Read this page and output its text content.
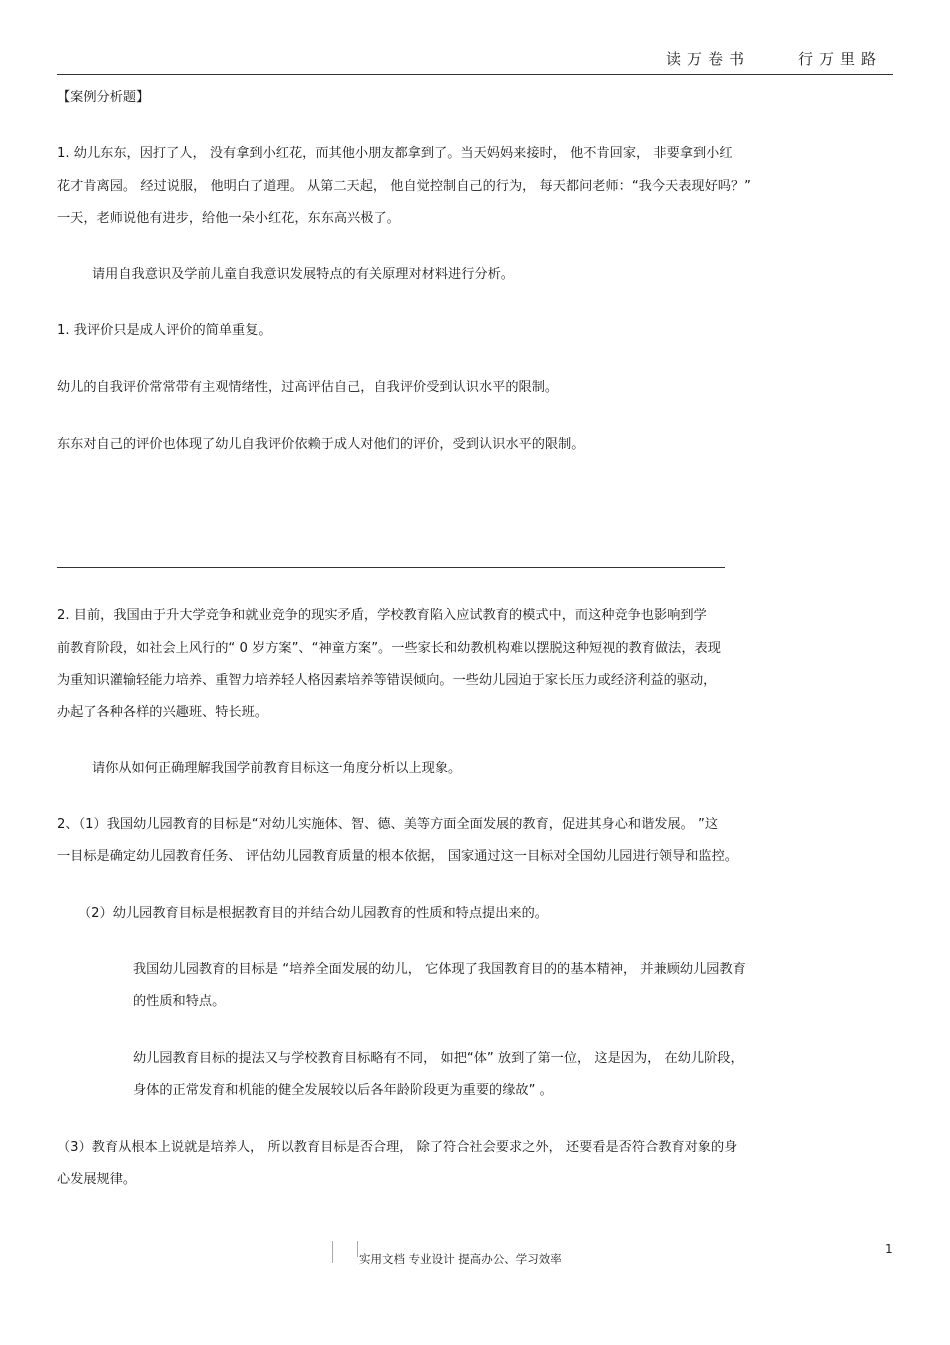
读万卷书	行万里路
【案例分析题】
1. 幼儿东东，因打了人， 没有拿到小红花，而其他小朋友都拿到了。当天妈妈来接时， 他不肯回家， 非要拿到小红
花才肯离园。 经过说服， 他明白了道理。 从第二天起， 他自觉控制自己的行为， 每天都问老师：“我今天表现好吗？”
一天，老师说他有进步，给他一朵小红花，东东高兴极了。
请用自我意识及学前儿童自我意识发展特点的有关原理对材料进行分析。
1. 我评价只是成人评价的简单重复。
幼儿的自我评价常常带有主观情绪性，过高评估自己，自我评价受到认识水平的限制。
东东对自己的评价也体现了幼儿自我评价依赖于成人对他们的评价，受到认识水平的限制。
2. 目前，我国由于升大学竞争和就业竞争的现实矛盾，学校教育陷入应试教育的模式中，而这种竞争也影响到学
前教育阶段，如社会上风行的“ 0 岁方案”、“神童方案”。一些家长和幼教机构难以摆脱这种短视的教育做法，表现
为重知识灌输轻能力培养、重智力培养轻人格因素培养等错误倾向。一些幼儿园迫于家长压力或经济利益的驱动，
办起了各种各样的兴趣班、特长班。
请你从如何正确理解我国学前教育目标这一角度分析以上现象。
2、（1）我国幼儿园教育的目标是“对幼儿实施体、智、德、美等方面全面发展的教育，促进其身心和谐发展。 ”这
一目标是确定幼儿园教育任务、 评估幼儿园教育质量的根本依据， 国家通过这一目标对全国幼儿园进行领导和监控。
（2）幼儿园教育目标是根据教育目的并结合幼儿园教育的性质和特点提出来的。
我国幼儿园教育的目标是 “培养全面发展的幼儿， 它体现了我国教育目的的基本精神， 并兼顾幼儿园教育
的性质和特点。
幼儿园教育目标的提法又与学校教育目标略有不同， 如把“体” 放到了第一位， 这是因为， 在幼儿阶段，
身体的正常发育和机能的健全发展较以后各年龄阶段更为重要的缘故” 。
（3）教育从根本上说就是培养人， 所以教育目标是否合理， 除了符合社会要求之外， 还要看是否符合教育对象的身
心发展规律。
实用文档 专业设计 提高办公、学习效率
1
